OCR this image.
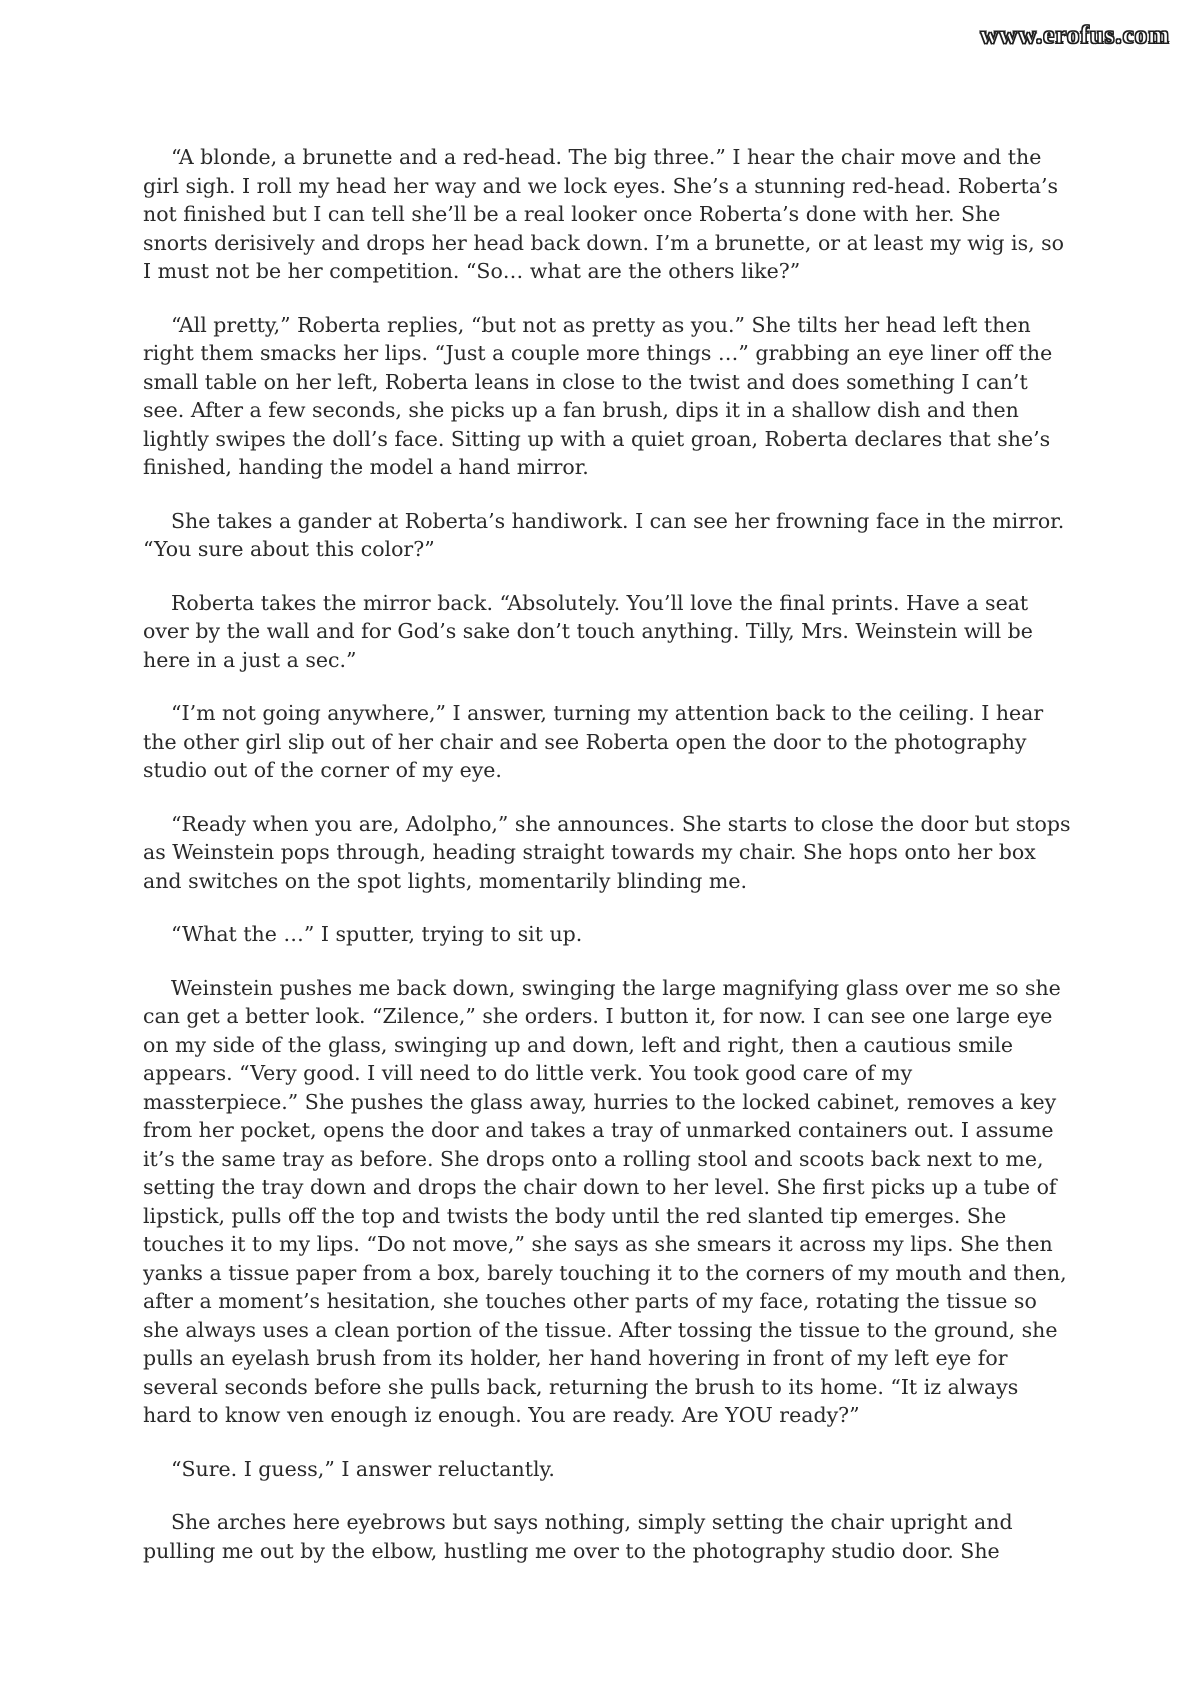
www.erofus.com

“A blonde, a brunette and a red-head. The big three.” I hear the chair move and the girl sigh. I roll my head her way and we lock eyes. She’s a stunning red-head. Roberta’s not finished but I can tell she’ll be a real looker once Roberta’s done with her. She snorts derisively and drops her head back down. I’m a brunette, or at least my wig is, so I must not be her competition. “So… what are the others like?”

“All pretty,” Roberta replies, “but not as pretty as you.” She tilts her head left then right them smacks her lips. “Just a couple more things …” grabbing an eye liner off the small table on her left, Roberta leans in close to the twist and does something I can’t see. After a few seconds, she picks up a fan brush, dips it in a shallow dish and then lightly swipes the doll’s face. Sitting up with a quiet groan, Roberta declares that she’s finished, handing the model a hand mirror.

She takes a gander at Roberta’s handiwork. I can see her frowning face in the mirror. “You sure about this color?”

Roberta takes the mirror back. “Absolutely. You’ll love the final prints. Have a seat over by the wall and for God’s sake don’t touch anything. Tilly, Mrs. Weinstein will be here in a just a sec.”

“I’m not going anywhere,” I answer, turning my attention back to the ceiling. I hear the other girl slip out of her chair and see Roberta open the door to the photography studio out of the corner of my eye.

“Ready when you are, Adolpho,” she announces. She starts to close the door but stops as Weinstein pops through, heading straight towards my chair. She hops onto her box and switches on the spot lights, momentarily blinding me.

“What the …” I sputter, trying to sit up.

Weinstein pushes me back down, swinging the large magnifying glass over me so she can get a better look. “Zilence,” she orders. I button it, for now. I can see one large eye on my side of the glass, swinging up and down, left and right, then a cautious smile appears. “Very good. I vill need to do little verk. You took good care of my massterpiece.” She pushes the glass away, hurries to the locked cabinet, removes a key from her pocket, opens the door and takes a tray of unmarked containers out. I assume it’s the same tray as before. She drops onto a rolling stool and scoots back next to me, setting the tray down and drops the chair down to her level. She first picks up a tube of lipstick, pulls off the top and twists the body until the red slanted tip emerges. She touches it to my lips. “Do not move,” she says as she smears it across my lips. She then yanks a tissue paper from a box, barely touching it to the corners of my mouth and then, after a moment’s hesitation, she touches other parts of my face, rotating the tissue so she always uses a clean portion of the tissue. After tossing the tissue to the ground, she pulls an eyelash brush from its holder, her hand hovering in front of my left eye for several seconds before she pulls back, returning the brush to its home. “It iz always hard to know ven enough iz enough. You are ready. Are YOU ready?”

“Sure. I guess,” I answer reluctantly.

She arches here eyebrows but says nothing, simply setting the chair upright and pulling me out by the elbow, hustling me over to the photography studio door. She
